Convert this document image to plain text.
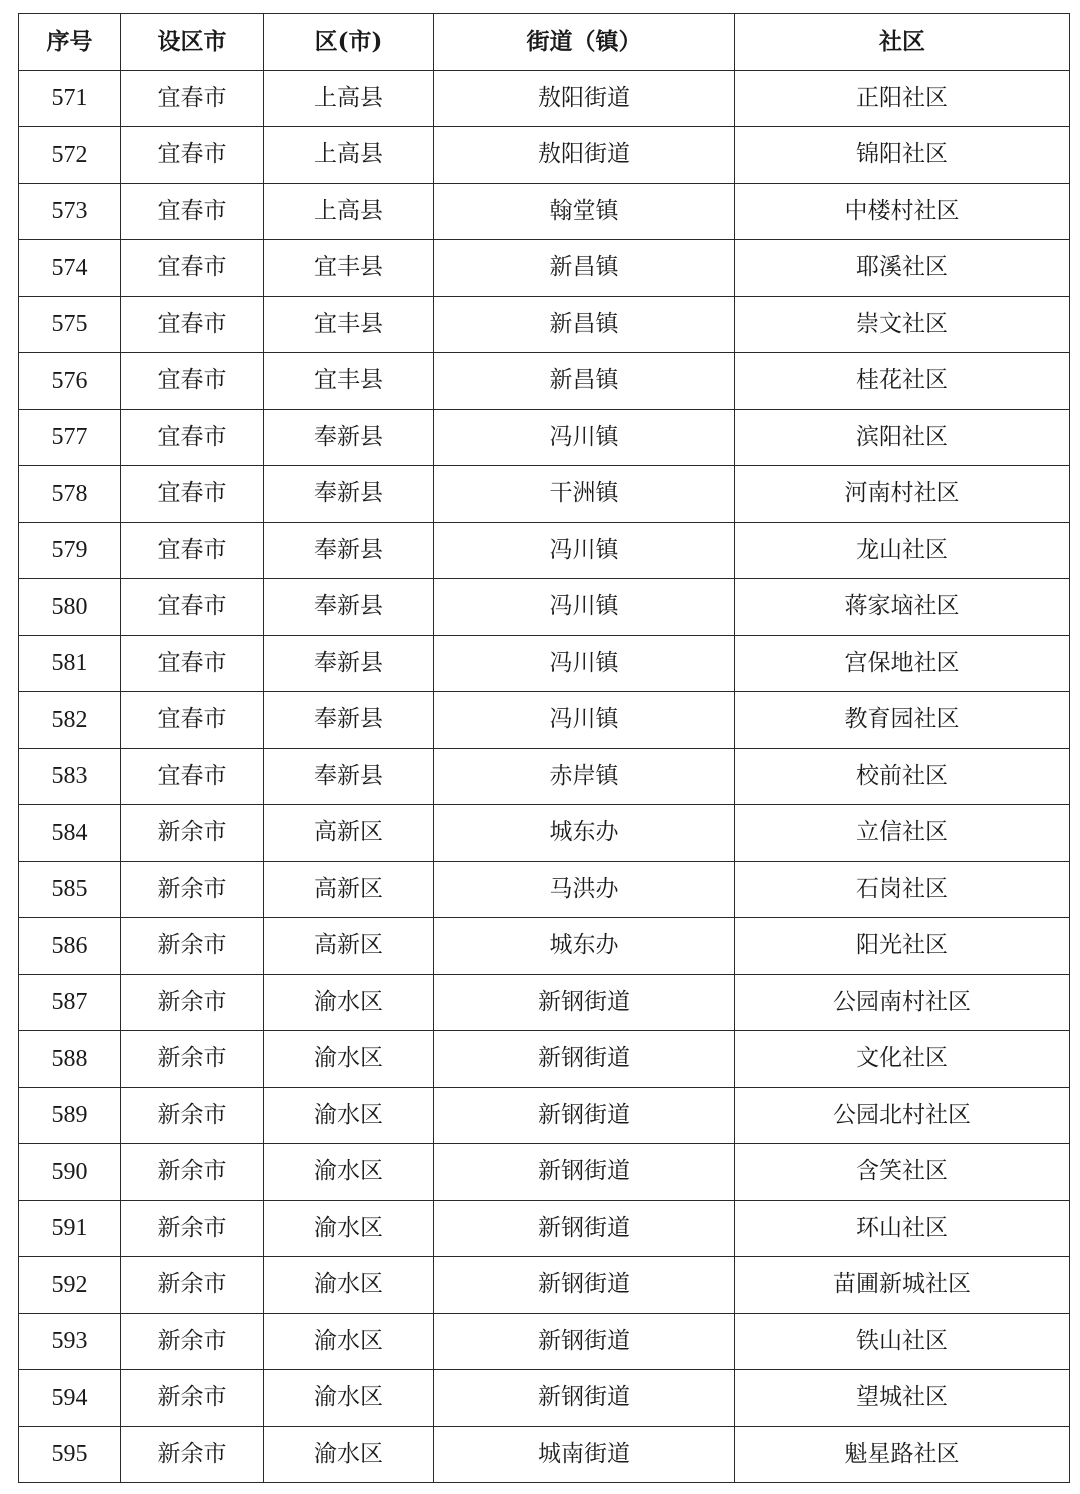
序号	设区市	区(市)	街道（镇）	社区
571	宜春市	上高县	敖阳街道	正阳社区
572	宜春市	上高县	敖阳街道	锦阳社区
573	宜春市	上高县	翰堂镇	中楼村社区
574	宜春市	宜丰县	新昌镇	耶溪社区
575	宜春市	宜丰县	新昌镇	崇文社区
576	宜春市	宜丰县	新昌镇	桂花社区
577	宜春市	奉新县	冯川镇	滨阳社区
578	宜春市	奉新县	干洲镇	河南村社区
579	宜春市	奉新县	冯川镇	龙山社区
580	宜春市	奉新县	冯川镇	蒋家垴社区
581	宜春市	奉新县	冯川镇	宫保地社区
582	宜春市	奉新县	冯川镇	教育园社区
583	宜春市	奉新县	赤岸镇	校前社区
584	新余市	高新区	城东办	立信社区
585	新余市	高新区	马洪办	石岗社区
586	新余市	高新区	城东办	阳光社区
587	新余市	渝水区	新钢街道	公园南村社区
588	新余市	渝水区	新钢街道	文化社区
589	新余市	渝水区	新钢街道	公园北村社区
590	新余市	渝水区	新钢街道	含笑社区
591	新余市	渝水区	新钢街道	环山社区
592	新余市	渝水区	新钢街道	苗圃新城社区
593	新余市	渝水区	新钢街道	铁山社区
594	新余市	渝水区	新钢街道	望城社区
595	新余市	渝水区	城南街道	魁星路社区
